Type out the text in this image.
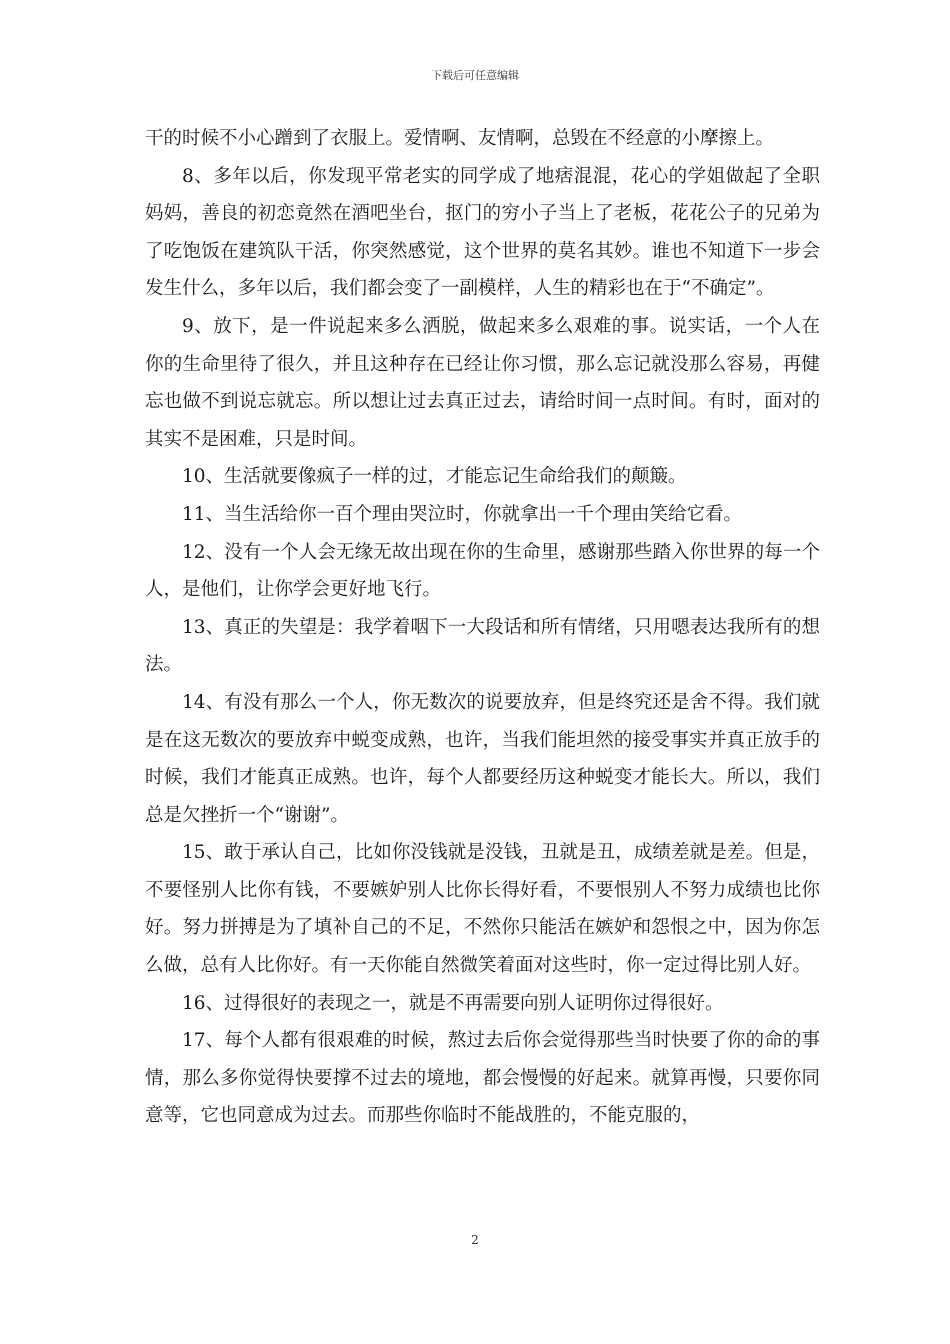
下载后可任意编辑

干的时候不小心蹭到了衣服上。爱情啊、友情啊，总毁在不经意的小摩擦上。

8、多年以后，你发现平常老实的同学成了地痞混混，花心的学姐做起了全职妈妈，善良的初恋竟然在酒吧坐台，抠门的穷小子当上了老板，花花公子的兄弟为了吃饱饭在建筑队干活，你突然感觉，这个世界的莫名其妙。谁也不知道下一步会发生什么，多年以后，我们都会变了一副模样，人生的精彩也在于“不确定”。

9、放下，是一件说起来多么洒脱，做起来多么艰难的事。说实话，一个人在你的生命里待了很久，并且这种存在已经让你习惯，那么忘记就没那么容易，再健忘也做不到说忘就忘。所以想让过去真正过去，请给时间一点时间。有时，面对的其实不是困难，只是时间。

10、生活就要像疯子一样的过，才能忘记生命给我们的颠簸。

11、当生活给你一百个理由哭泣时，你就拿出一千个理由笑给它看。

12、没有一个人会无缘无故出现在你的生命里，感谢那些踏入你世界的每一个人，是他们，让你学会更好地飞行。

13、真正的失望是：我学着咽下一大段话和所有情绪，只用嗯表达我所有的想法。

14、有没有那么一个人，你无数次的说要放弃，但是终究还是舍不得。我们就是在这无数次的要放弃中蜕变成熟，也许，当我们能坦然的接受事实并真正放手的时候，我们才能真正成熟。也许，每个人都要经历这种蜕变才能长大。所以，我们总是欠挫折一个“谢谢”。

15、敢于承认自己，比如你没钱就是没钱，丑就是丑，成绩差就是差。但是，不要怪别人比你有钱，不要嫉妒别人比你长得好看，不要恨别人不努力成绩也比你好。努力拼搏是为了填补自己的不足，不然你只能活在嫉妒和怨恨之中，因为你怎么做，总有人比你好。有一天你能自然微笑着面对这些时，你一定过得比别人好。

16、过得很好的表现之一，就是不再需要向别人证明你过得很好。

17、每个人都有很艰难的时候，熬过去后你会觉得那些当时快要了你的命的事情，那么多你觉得快要撑不过去的境地，都会慢慢的好起来。就算再慢，只要你同意等，它也同意成为过去。而那些你临时不能战胜的，不能克服的，

2
